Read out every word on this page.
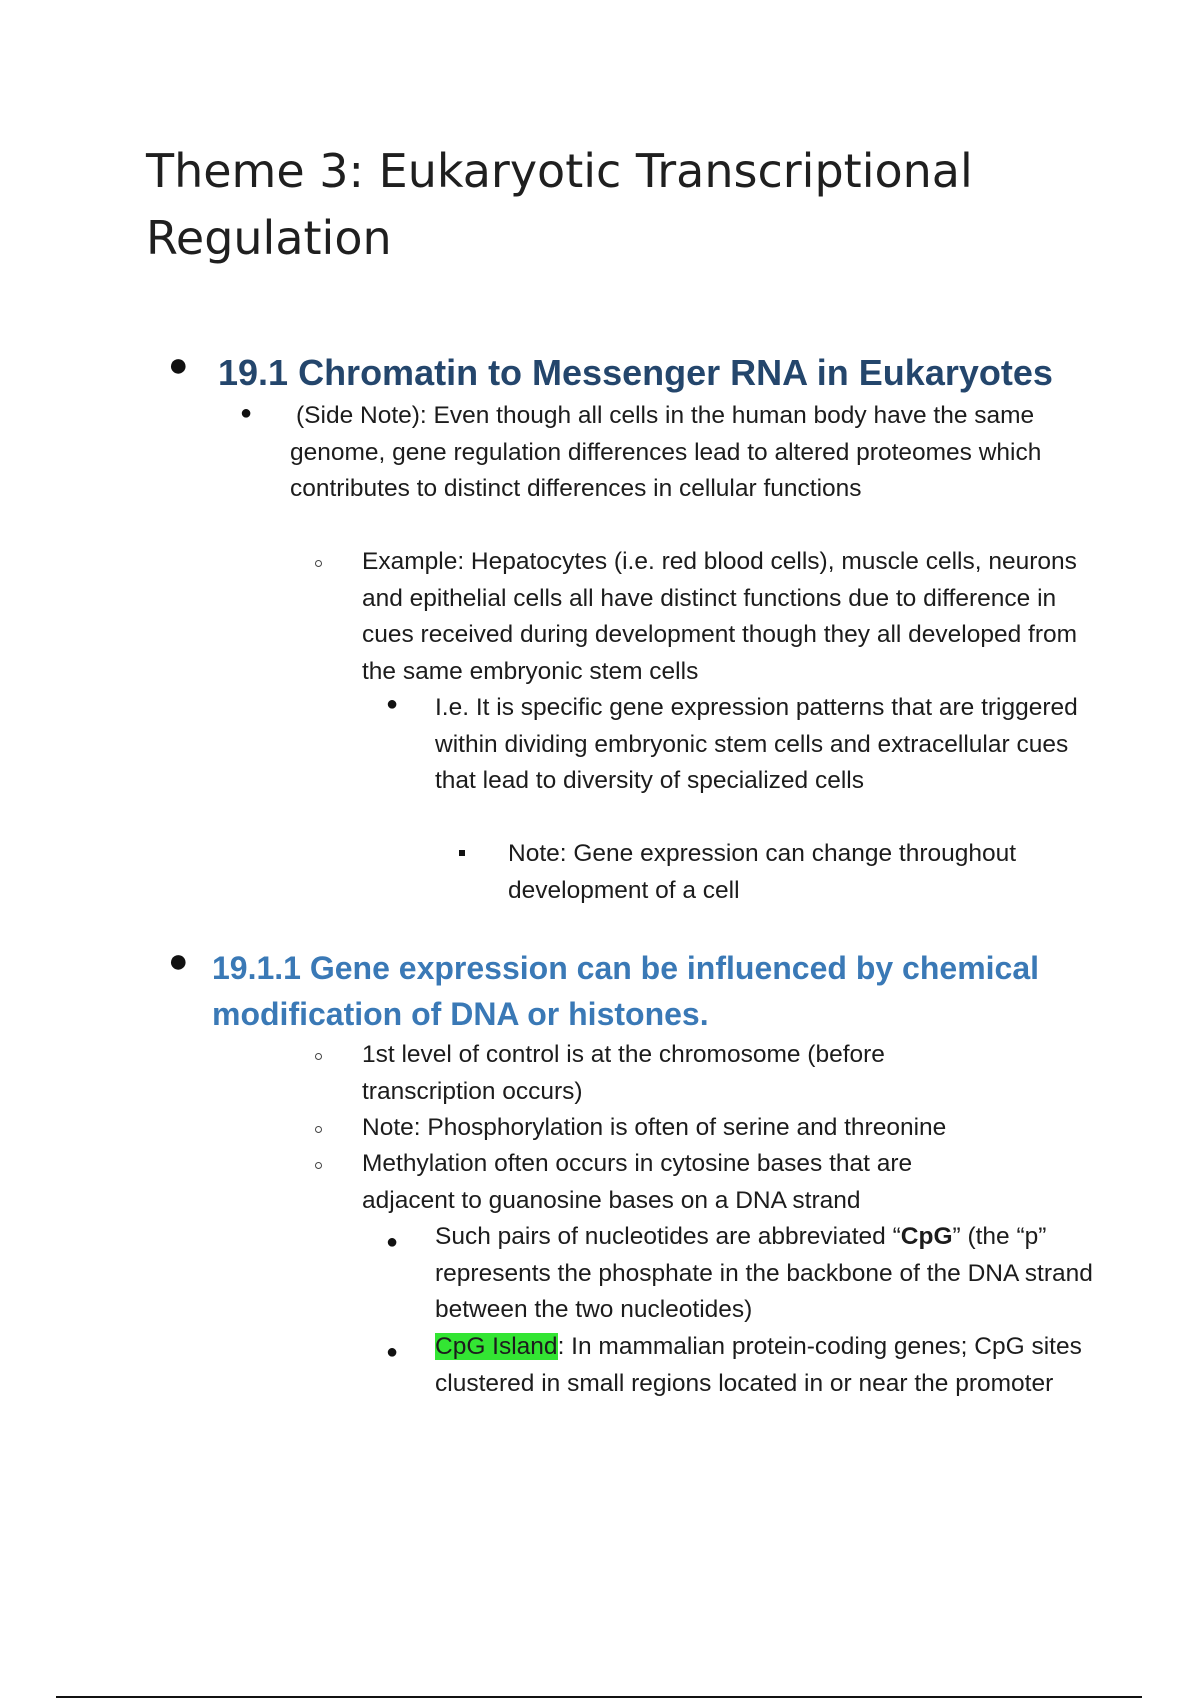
Theme 3: Eukaryotic Transcriptional Regulation
● 19.1 Chromatin to Messenger RNA in Eukaryotes
● (Side Note): Even though all cells in the human body have the same genome, gene regulation differences lead to altered proteomes which contributes to distinct differences in cellular functions

Example: Hepatocytes (i.e. red blood cells), muscle cells, neurons and epithelial cells all have distinct functions due to difference in cues received during development though they all developed from the same embryonic stem cells

● I.e. It is specific gene expression patterns that are triggered within dividing embryonic stem cells and extracellular cues that lead to diversity of specialized cells

Note: Gene expression can change throughout development of a cell

● 19.1.1 Gene expression can be influenced by chemical modification of DNA or histones.

1st level of control is at the chromosome (before transcription occurs)

Note: Phosphorylation is often of serine and threonine

Methylation often occurs in cytosine bases that are adjacent to guanosine bases on a DNA strand

● Such pairs of nucleotides are abbreviated “CpG” (the “p” represents the phosphate in the backbone of the DNA strand between the two nucleotides)

● CpG Island: In mammalian protein-coding genes; CpG sites clustered in small regions located in or near the promoter
